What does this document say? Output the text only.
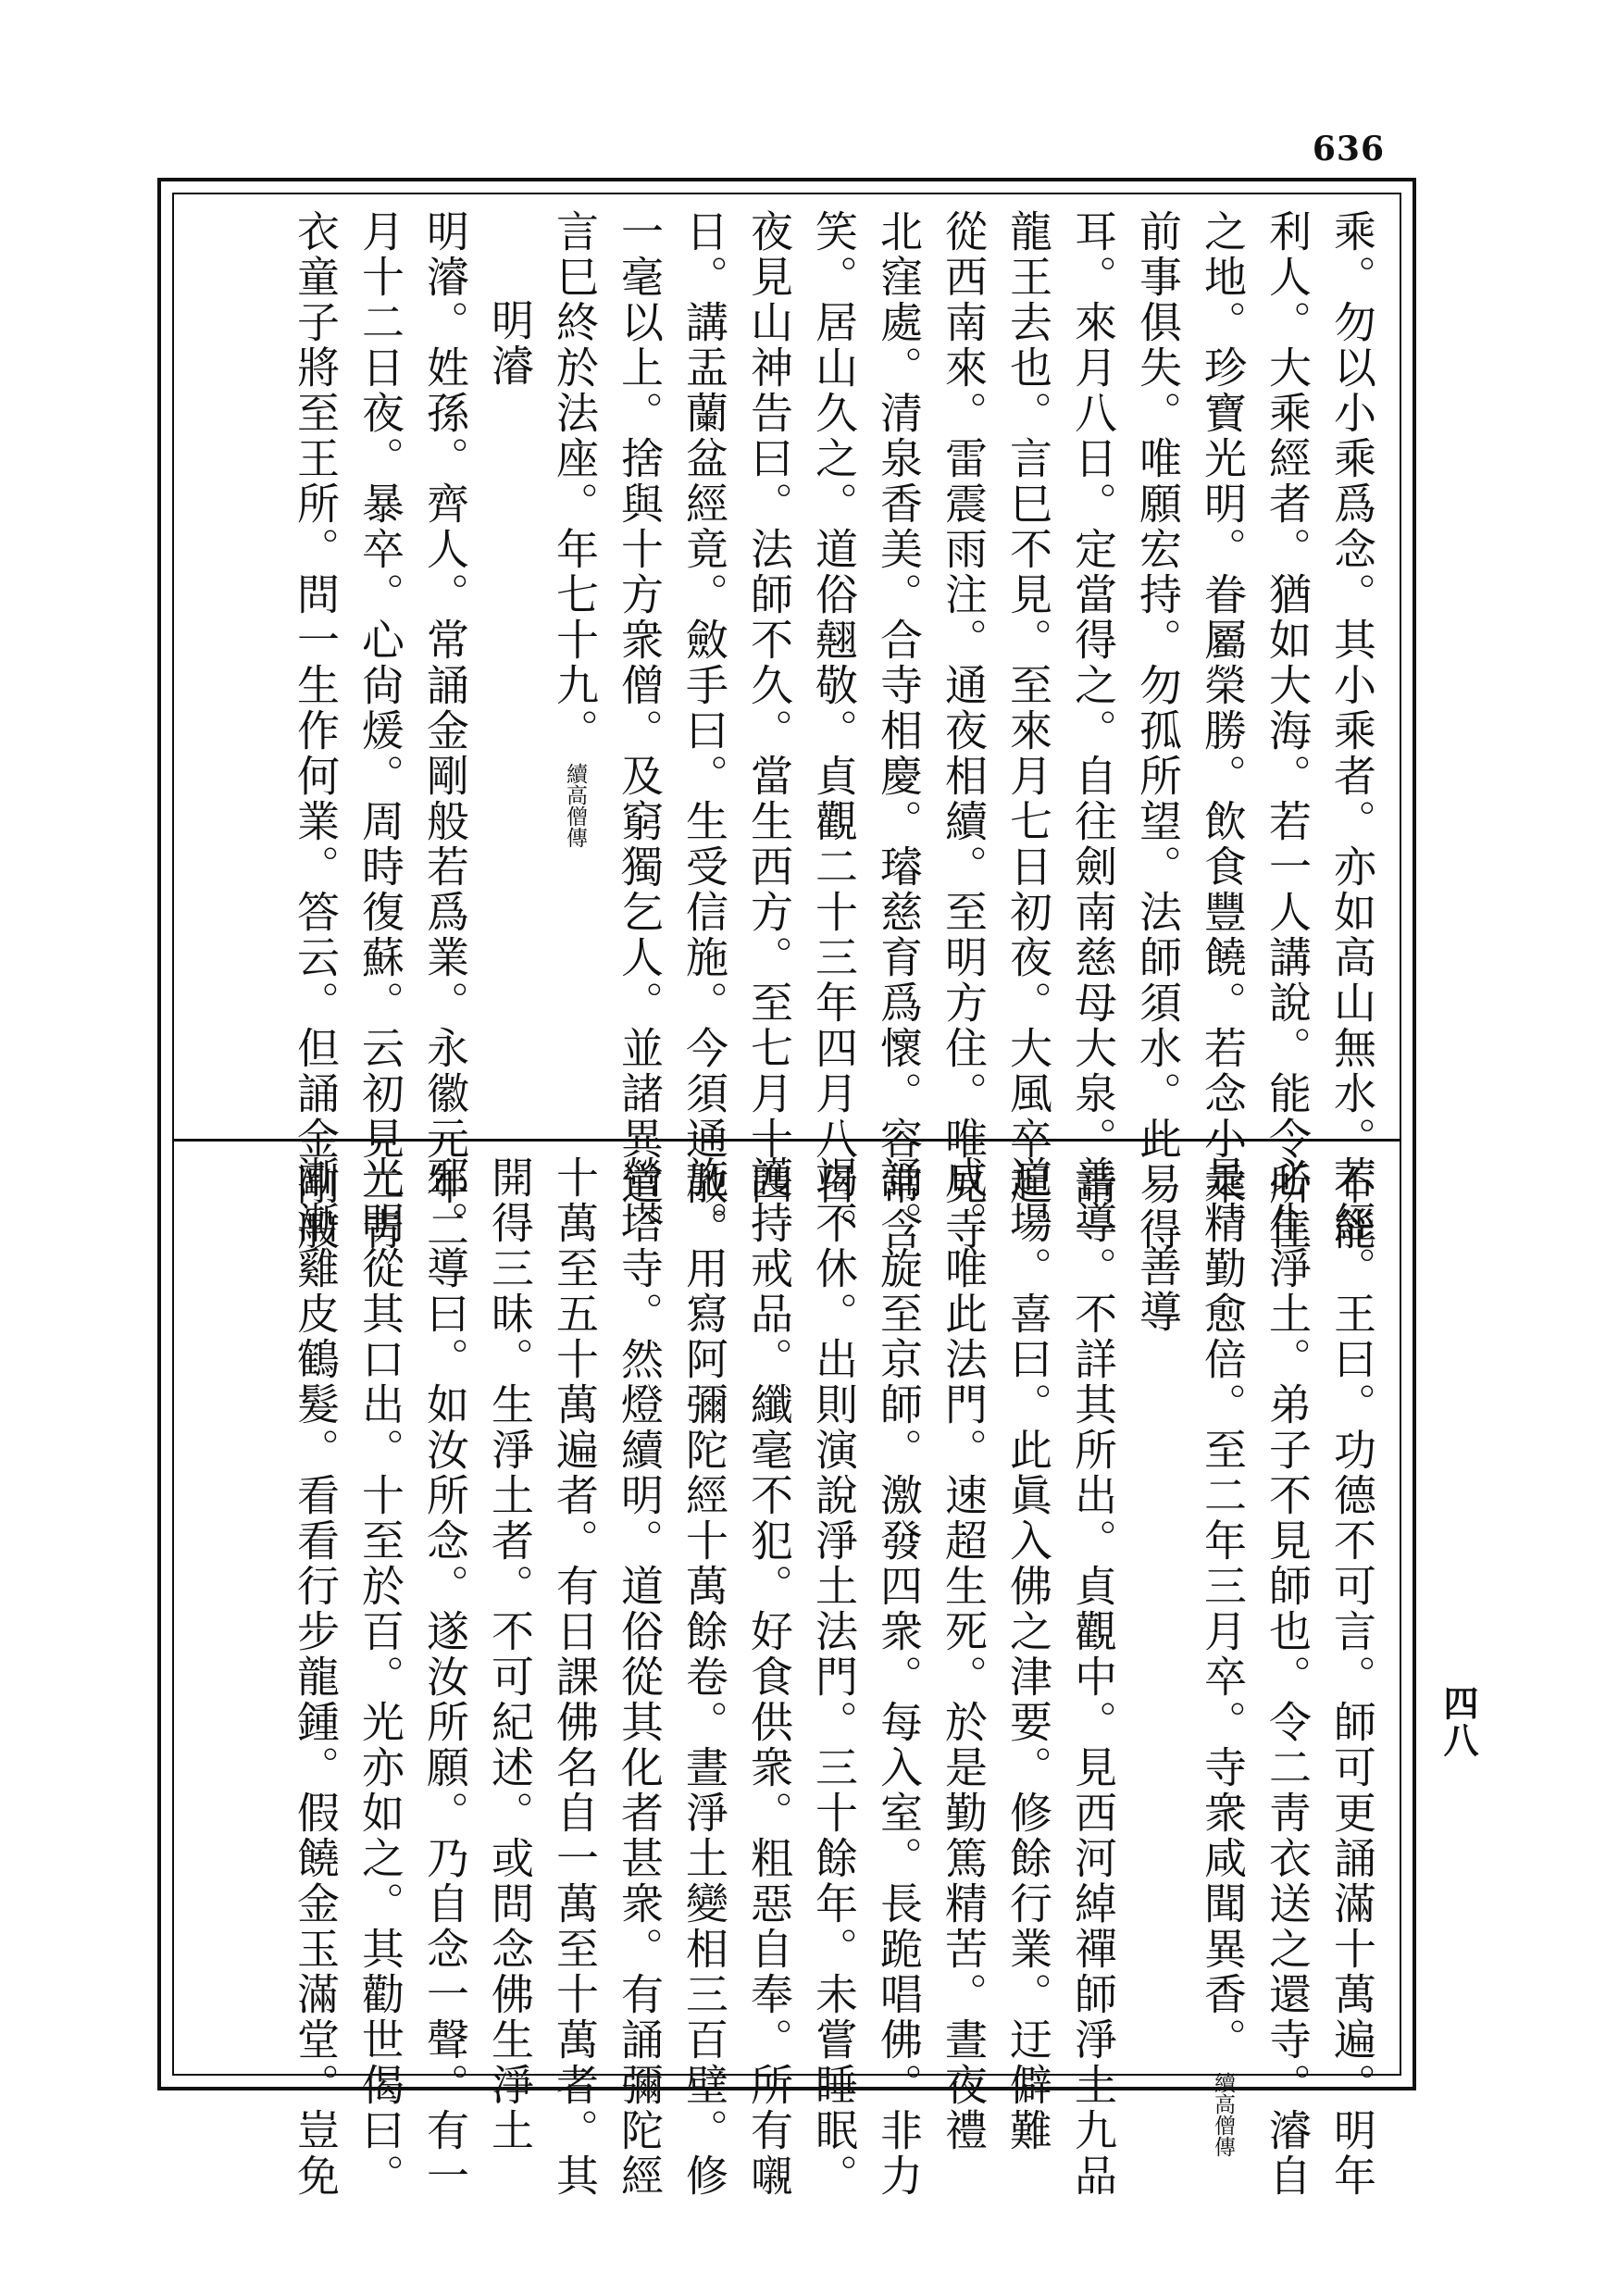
636
四八
乘。勿以小乘爲念。其小乘者。亦如高山無水。不能
利人。大乘經者。猶如大海。若一人講說。能令所住
之地。珍寶光明。眷屬榮勝。飲食豐饒。若念小乘。
前事俱失。唯願宏持。勿孤所望。法師須水。此易得
耳。來月八日。定當得之。自往劍南慈母大泉。請一
龍王去也。言巳不見。至來月七日初夜。大風卒起。
從西南來。雷震雨注。通夜相續。至明方住。唯見寺
北窪處。清泉香美。合寺相慶。璿慈育爲懷。容常含
笑。居山久之。道俗翹敬。貞觀二十三年四月八日。
夜見山神告曰。法師不久。當生西方。至七月十四
日。講盂蘭盆經竟。斂手曰。生受信施。今須通散。
一毫以上。捨與十方衆僧。及窮獨乞人。並諸異道。
言巳終於法座。年七十九。續高僧傳
明濬
明濬。姓孫。齊人。常誦金剛般若爲業。永徽元年二
月十二日夜。暴卒。心尙煖。周時復蘇。云初見二靑
衣童子將至王所。問一生作何業。答云。但誦金剛般
若經。王曰。功德不可言。師可更誦滿十萬遍。明年
必生淨土。弟子不見師也。令二靑衣送之還寺。濬自
是精勤愈倍。至二年三月卒。寺衆咸聞異香。續高僧傳
善導
善導。不詳其所出。貞觀中。見西河綽禪師淨土九品
道場。喜曰。此眞入佛之津要。修餘行業。迂僻難
成。唯此法門。速超生死。於是勤篤精苦。晝夜禮
誦。旋至京師。激發四衆。每入室。長跪唱佛。非力
竭不休。出則演說淨土法門。三十餘年。未嘗睡眠。
護持戒品。纖毫不犯。好食供衆。粗惡自奉。所有嚫
施。用寫阿彌陀經十萬餘卷。晝淨土變相三百壁。修
營塔寺。然燈續明。道俗從其化者甚衆。有誦彌陀經
十萬至五十萬遍者。有日課佛名自一萬至十萬者。其
開得三昧。生淨土者。不可紀述。或問念佛生淨土
邪。導曰。如汝所念。遂汝所願。乃自念一聲。有一
光明從其口出。十至於百。光亦如之。其勸世偈曰。
漸漸雞皮鶴髮。看看行步龍鍾。假饒金玉滿堂。豈免
